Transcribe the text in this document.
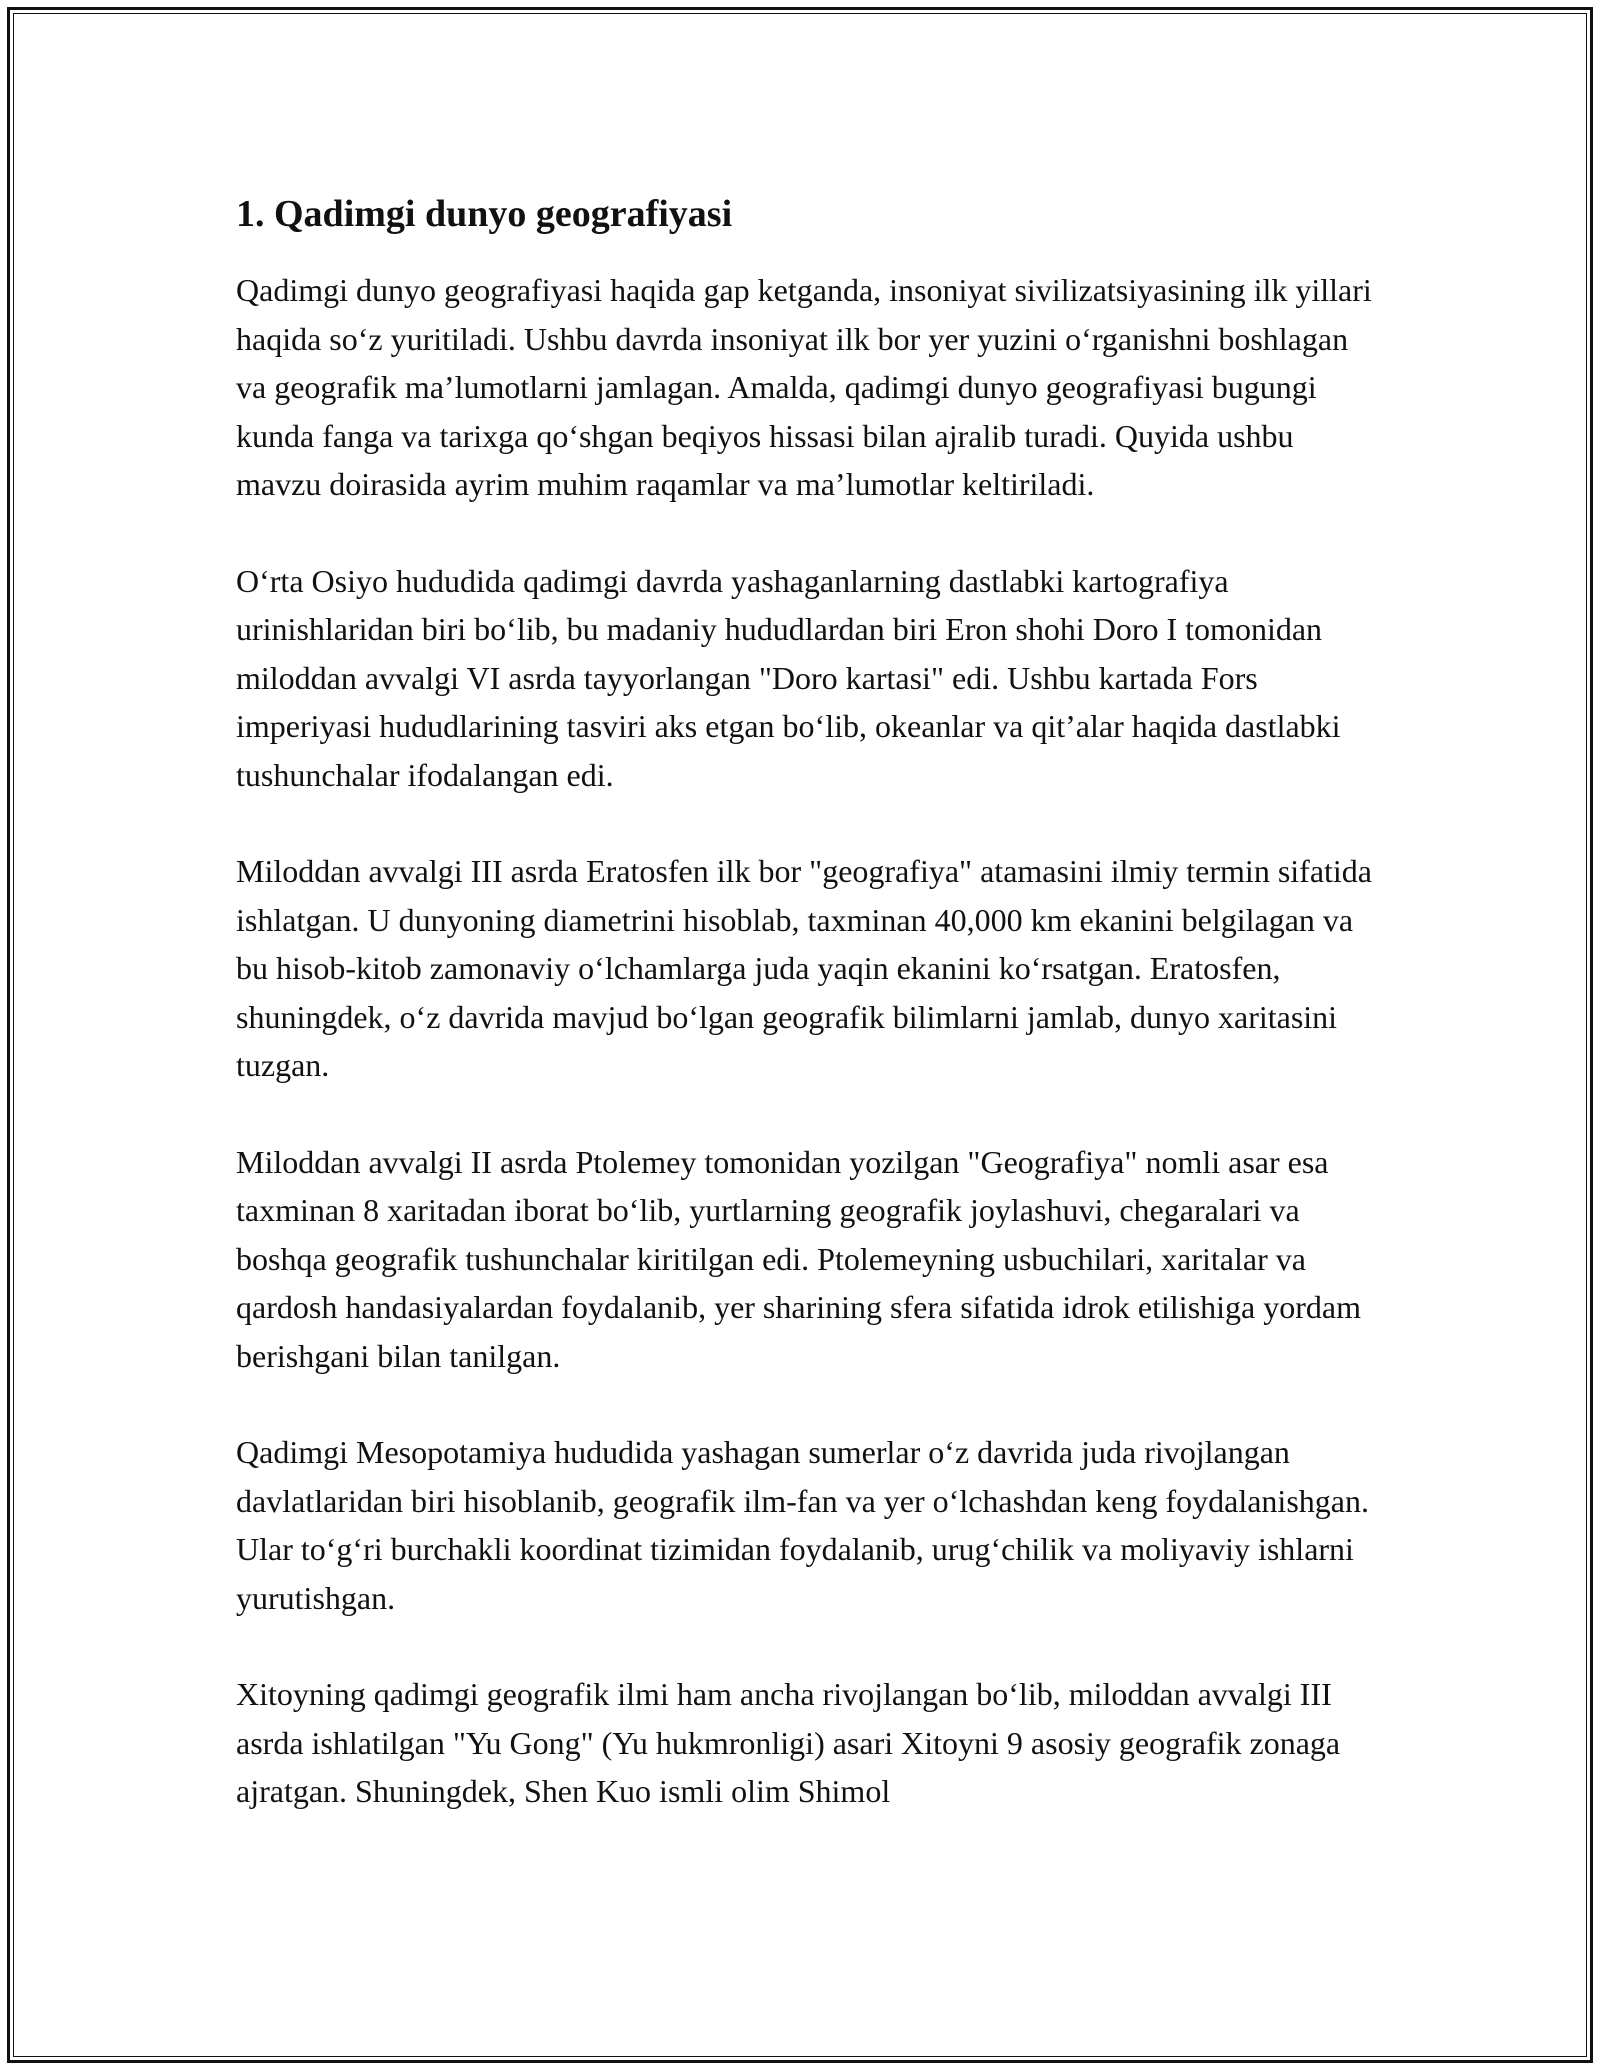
1. Qadimgi dunyo geografiyasi

Qadimgi dunyo geografiyasi haqida gap ketganda, insoniyat sivilizatsiyasining ilk yillari haqida so‘z yuritiladi. Ushbu davrda insoniyat ilk bor yer yuzini o‘rganishni boshlagan va geografik ma’lumotlarni jamlagan. Amalda, qadimgi dunyo geografiyasi bugungi kunda fanga va tarixga qo‘shgan beqiyos hissasi bilan ajralib turadi. Quyida ushbu mavzu doirasida ayrim muhim raqamlar va ma’lumotlar keltiriladi.

O‘rta Osiyo hududida qadimgi davrda yashaganlarning dastlabki kartografiya urinishlaridan biri bo‘lib, bu madaniy hududlardan biri Eron shohi Doro I tomonidan miloddan avvalgi VI asrda tayyorlangan "Doro kartasi" edi. Ushbu kartada Fors imperiyasi hududlarining tasviri aks etgan bo‘lib, okeanlar va qit’alar haqida dastlabki tushunchalar ifodalangan edi.

Miloddan avvalgi III asrda Eratosfen ilk bor "geografiya" atamasini ilmiy termin sifatida ishlatgan. U dunyoning diametrini hisoblab, taxminan 40,000 km ekanini belgilagan va bu hisob-kitob zamonaviy o‘lchamlarga juda yaqin ekanini ko‘rsatgan. Eratosfen, shuningdek, o‘z davrida mavjud bo‘lgan geografik bilimlarni jamlab, dunyo xaritasini tuzgan.

Miloddan avvalgi II asrda Ptolemey tomonidan yozilgan "Geografiya" nomli asar esa taxminan 8 xaritadan iborat bo‘lib, yurtlarning geografik joylashuvi, chegaralari va boshqa geografik tushunchalar kiritilgan edi. Ptolemeyning usbuchilari, xaritalar va qardosh handasiyalardan foydalanib, yer sharining sfera sifatida idrok etilishiga yordam berishgani bilan tanilgan.

Qadimgi Mesopotamiya hududida yashagan sumerlar o‘z davrida juda rivojlangan davlatlaridan biri hisoblanib, geografik ilm-fan va yer o‘lchashdan keng foydalanishgan. Ular to‘g‘ri burchakli koordinat tizimidan foydalanib, urug‘chilik va moliyaviy ishlarni yurutishgan.

Xitoyning qadimgi geografik ilmi ham ancha rivojlangan bo‘lib, miloddan avvalgi III asrda ishlatilgan "Yu Gong" (Yu hukmronligi) asari Xitoyni 9 asosiy geografik zonaga ajratgan. Shuningdek, Shen Kuo ismli olim Shimol
